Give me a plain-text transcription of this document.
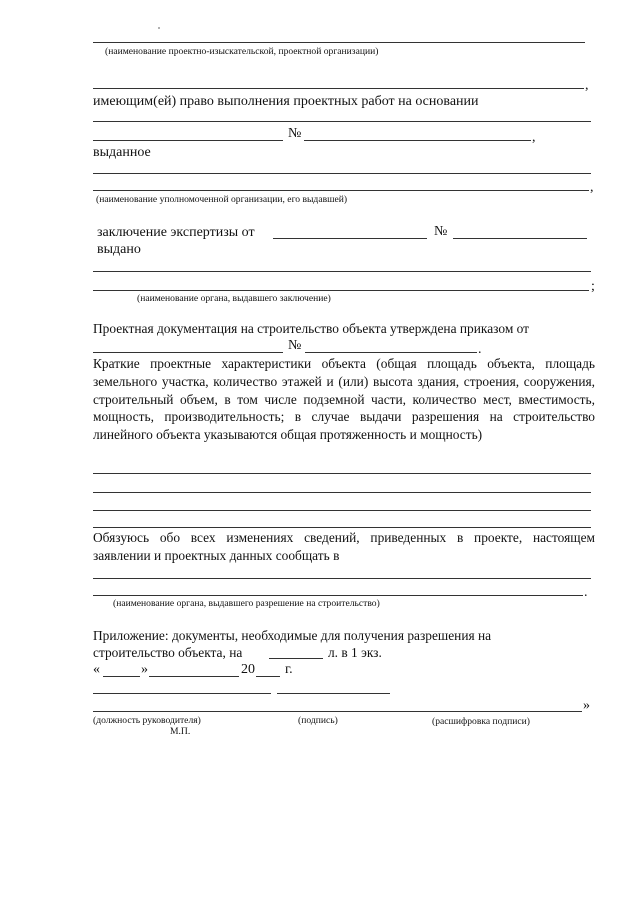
(наименование проектно-изыскательской, проектной организации)
,
имеющим(ей) право выполнения проектных работ на основании
№	,
выданное
,
(наименование уполномоченной организации, его выдавшей)
заключение экспертизы от	№
выдано
;
(наименование органа, выдавшего заключение)
Проектная документация на строительство объекта утверждена приказом от
№	.
Краткие проектные характеристики объекта (общая площадь объекта, площадь земельного участка, количество этажей и (или) высота здания, строения, сооружения, строительный объем, в том числе подземной части, количество мест, вместимость, мощность, производительность; в случае выдачи разрешения на строительство линейного объекта указываются общая протяженность и мощность)
Обязуюсь обо всех изменениях сведений, приведенных в проекте, настоящем заявлении и проектных данных сообщать в
.
(наименование органа, выдавшего разрешение на строительство)
Приложение: документы, необходимые для получения разрешения на
строительство объекта, на	л. в 1 экз.
«	»	20 г.
»
(должность руководителя)	(подпись)	(расшифровка подписи)
М.П.
